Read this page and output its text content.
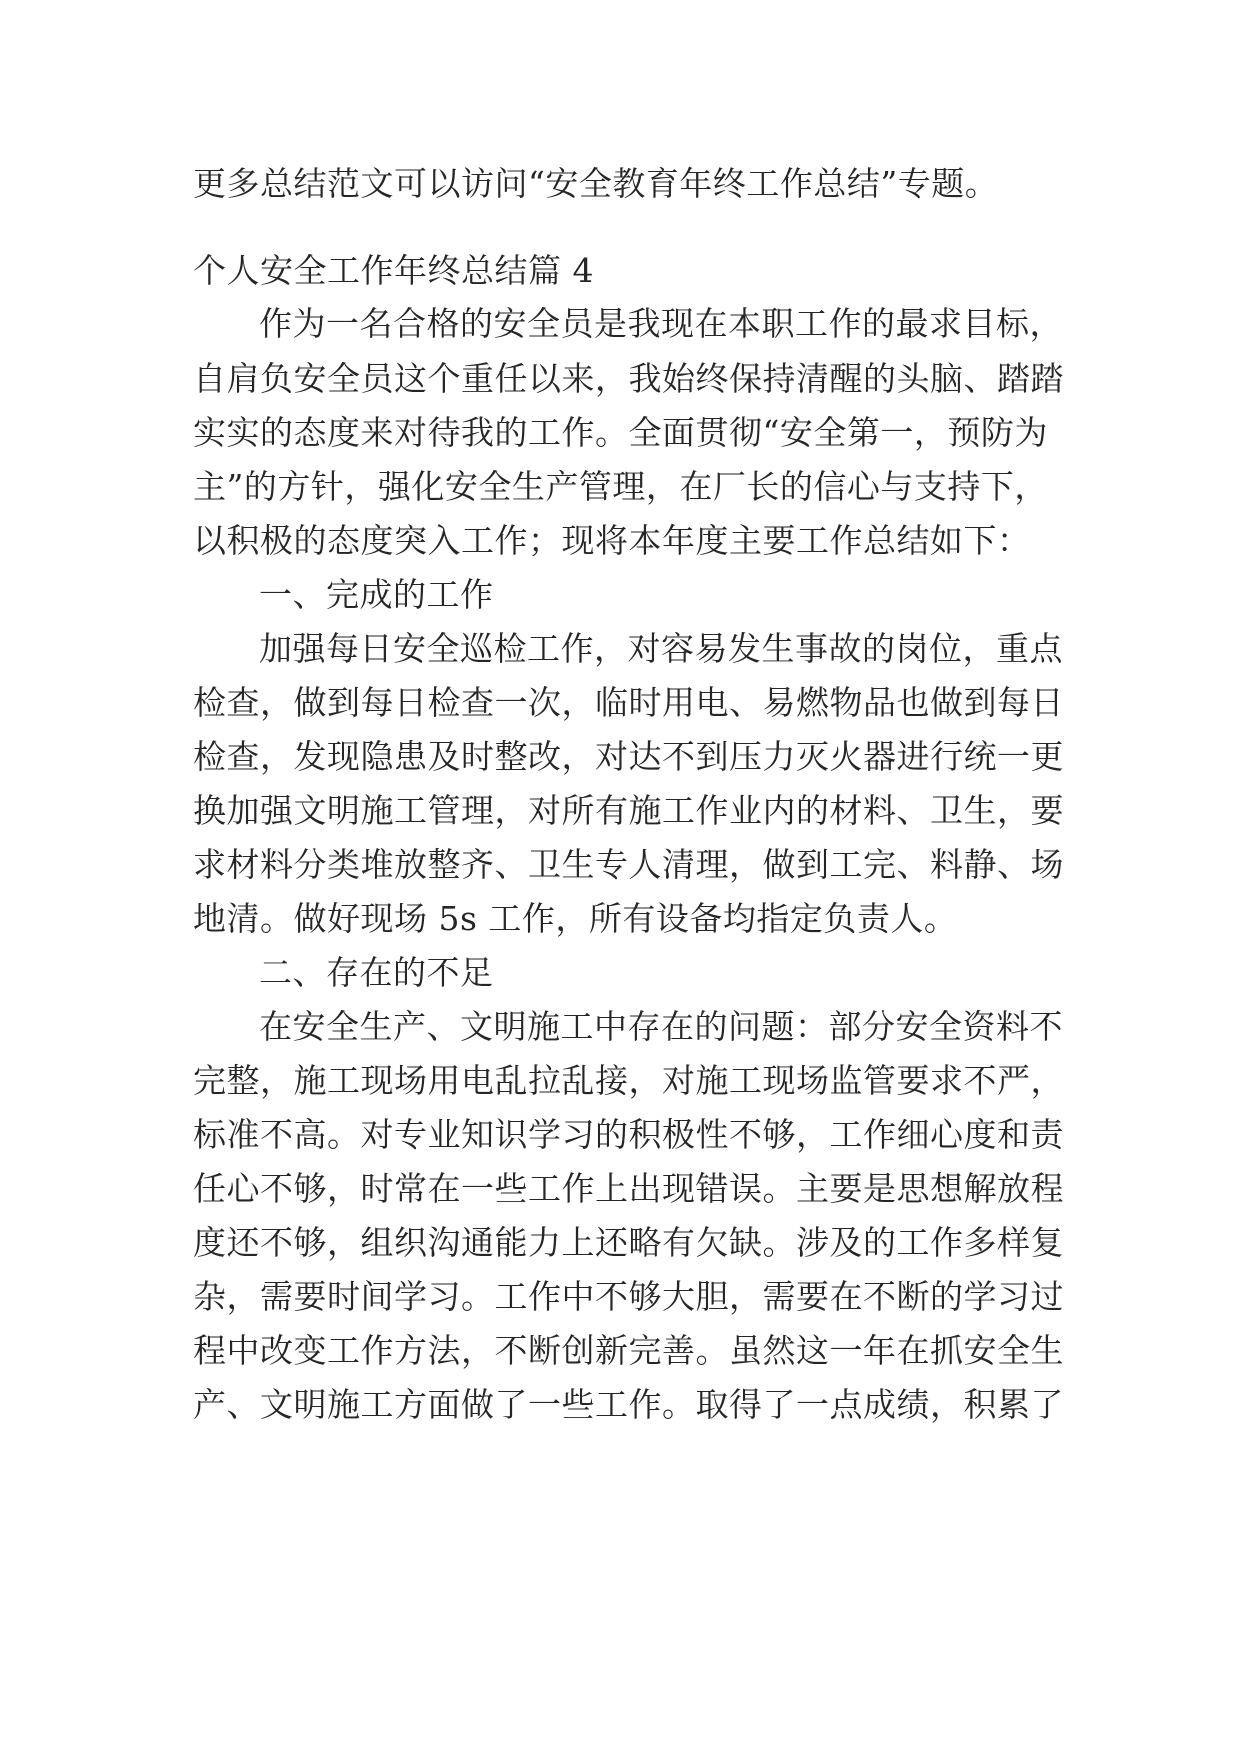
更多总结范文可以访问“安全教育年终工作总结”专题。
个人安全工作年终总结篇 4
作为一名合格的安全员是我现在本职工作的最求目标，
自肩负安全员这个重任以来，我始终保持清醒的头脑、踏踏
实实的态度来对待我的工作。全面贯彻“安全第一，预防为
主”的方针，强化安全生产管理，在厂长的信心与支持下，
以积极的态度突入工作；现将本年度主要工作总结如下：
一、完成的工作
加强每日安全巡检工作，对容易发生事故的岗位，重点
检查，做到每日检查一次，临时用电、易燃物品也做到每日
检查，发现隐患及时整改，对达不到压力灭火器进行统一更
换加强文明施工管理，对所有施工作业内的材料、卫生，要
求材料分类堆放整齐、卫生专人清理，做到工完、料静、场
地清。做好现场 5s 工作，所有设备均指定负责人。
二、存在的不足
在安全生产、文明施工中存在的问题：部分安全资料不
完整，施工现场用电乱拉乱接，对施工现场监管要求不严，
标准不高。对专业知识学习的积极性不够，工作细心度和责
任心不够，时常在一些工作上出现错误。主要是思想解放程
度还不够，组织沟通能力上还略有欠缺。涉及的工作多样复
杂，需要时间学习。工作中不够大胆，需要在不断的学习过
程中改变工作方法，不断创新完善。虽然这一年在抓安全生
产、文明施工方面做了一些工作。取得了一点成绩，积累了
